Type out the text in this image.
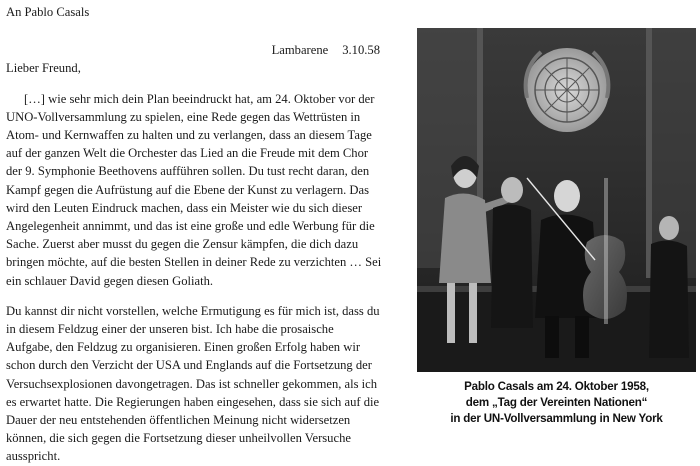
An Pablo Casals

Lambarene 3.10.58

Lieber Freund,

[…] wie sehr mich dein Plan beeindruckt hat, am 24. Oktober vor der UNO-Vollversammlung zu spielen, eine Rede gegen das Wettrüsten in Atom- und Kernwaffen zu halten und zu verlangen, dass an diesem Tage auf der ganzen Welt die Orchester das Lied an die Freude mit dem Chor der 9. Symphonie Beethovens aufführen sollen. Du tust recht daran, den Kampf gegen die Aufrüstung auf die Ebene der Kunst zu verlagern. Das wird den Leuten Eindruck machen, dass ein Meister wie du sich dieser Angelegenheit annimmt, und das ist eine große und edle Werbung für die Sache. Zuerst aber musst du gegen die Zensur kämpfen, die dich dazu bringen möchte, auf die besten Stellen in deiner Rede zu verzichten … Sei ein schlauer David gegen diesen Goliath.

Du kannst dir nicht vorstellen, welche Ermutigung es für mich ist, dass du in diesem Feldzug einer der unseren bist. Ich habe die prosaische Aufgabe, den Feldzug zu organisieren. Einen großen Erfolg haben wir schon durch den Verzicht der USA und Englands auf die Fortsetzung der Versuchsexplosionen davongetragen. Das ist schneller gekommen, als ich es erwartet hatte. Die Regierungen haben eingesehen, dass sie sich auf die Dauer der neu entstehenden öffentlichen Meinung nicht widersetzen können, die sich gegen die Fortsetzung dieser unheilvollen Versuche ausspricht.

Pablo Casals am 24. Oktober 1958,
dem „Tag der Vereinten Nationen“
in der UN-Vollversammlung in New York
